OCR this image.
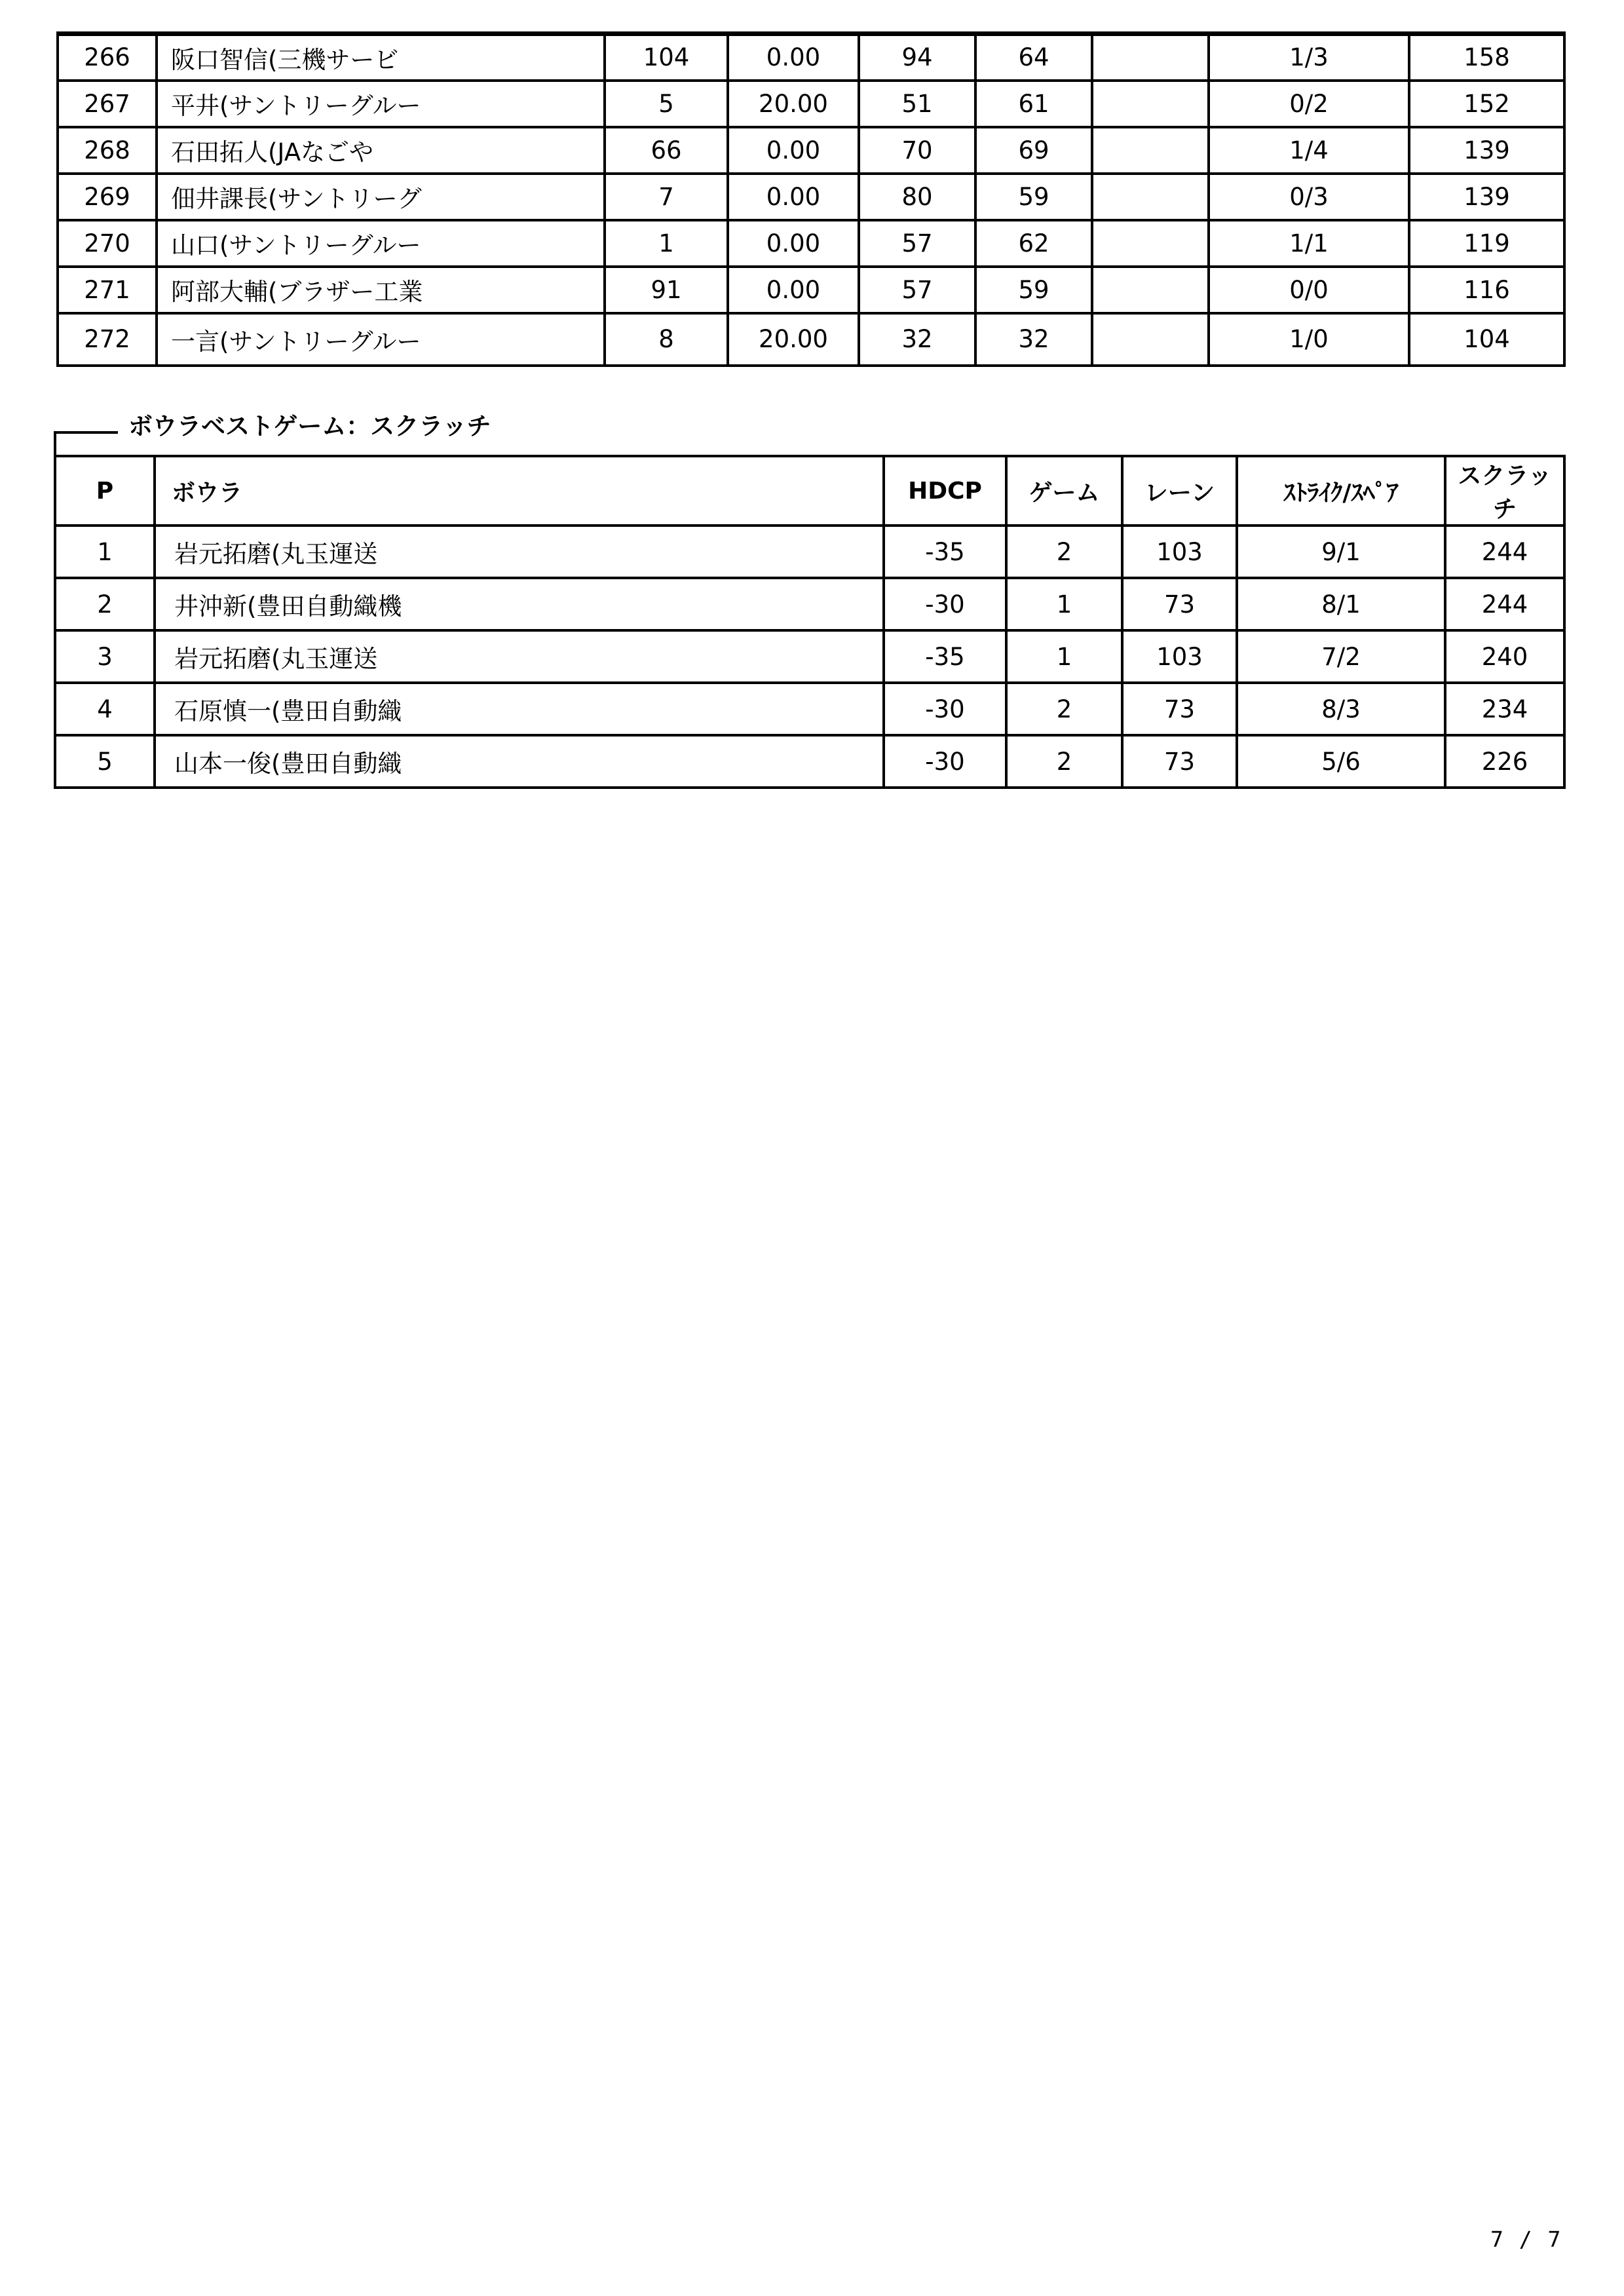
266	阪口智信(三機サービ	104	0.00	94	64		1/3	158
267	平井(サントリーグルー	5	20.00	51	61		0/2	152
268	石田拓人(JAなごや	66	0.00	70	69		1/4	139
269	佃井課長(サントリーグ	7	0.00	80	59		0/3	139
270	山口(サントリーグルー	1	0.00	57	62		1/1	119
271	阿部大輔(ブラザー工業	91	0.00	57	59		0/0	116
272	一言(サントリーグルー	8	20.00	32	32		1/0	104
ボウラベストゲーム：スクラッチ
P	ボウラ	HDCP	ゲーム	レーン	ｽﾄﾗｲｸ/ｽﾍﾟｱ	スクラッチ
1	岩元拓磨(丸玉運送	-35	2	103	9/1	244
2	井沖新(豊田自動織機	-30	1	73	8/1	244
3	岩元拓磨(丸玉運送	-35	1	103	7/2	240
4	石原慎一(豊田自動織	-30	2	73	8/3	234
5	山本一俊(豊田自動織	-30	2	73	5/6	226
7 / 7
